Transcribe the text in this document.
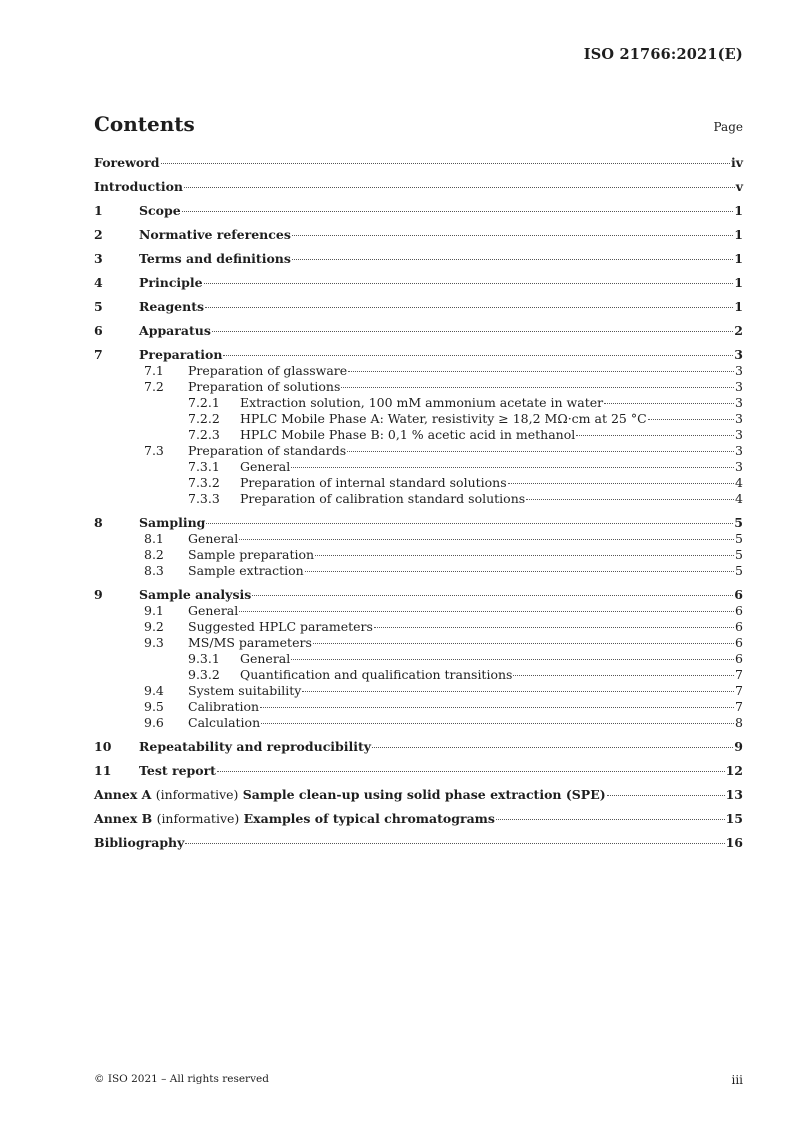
ISO 21766:2021(E)
Contents	Page
Foreword	iv
Introduction	v
1	Scope	1
2	Normative references	1
3	Terms and definitions	1
4	Principle	1
5	Reagents	1
6	Apparatus	2
7	Preparation	3
7.1	Preparation of glassware	3
7.2	Preparation of solutions	3
7.2.1	Extraction solution, 100 mM ammonium acetate in water	3
7.2.2	HPLC Mobile Phase A: Water, resistivity ≥ 18,2 MΩ·cm at 25 °C	3
7.2.3	HPLC Mobile Phase B: 0,1 % acetic acid in methanol	3
7.3	Preparation of standards	3
7.3.1	General	3
7.3.2	Preparation of internal standard solutions	4
7.3.3	Preparation of calibration standard solutions	4
8	Sampling	5
8.1	General	5
8.2	Sample preparation	5
8.3	Sample extraction	5
9	Sample analysis	6
9.1	General	6
9.2	Suggested HPLC parameters	6
9.3	MS/MS parameters	6
9.3.1	General	6
9.3.2	Quantification and qualification transitions	7
9.4	System suitability	7
9.5	Calibration	7
9.6	Calculation	8
10	Repeatability and reproducibility	9
11	Test report	12
Annex A (informative) Sample clean-up using solid phase extraction (SPE)	13
Annex B (informative) Examples of typical chromatograms	15
Bibliography	16
© ISO 2021 – All rights reserved	iii
